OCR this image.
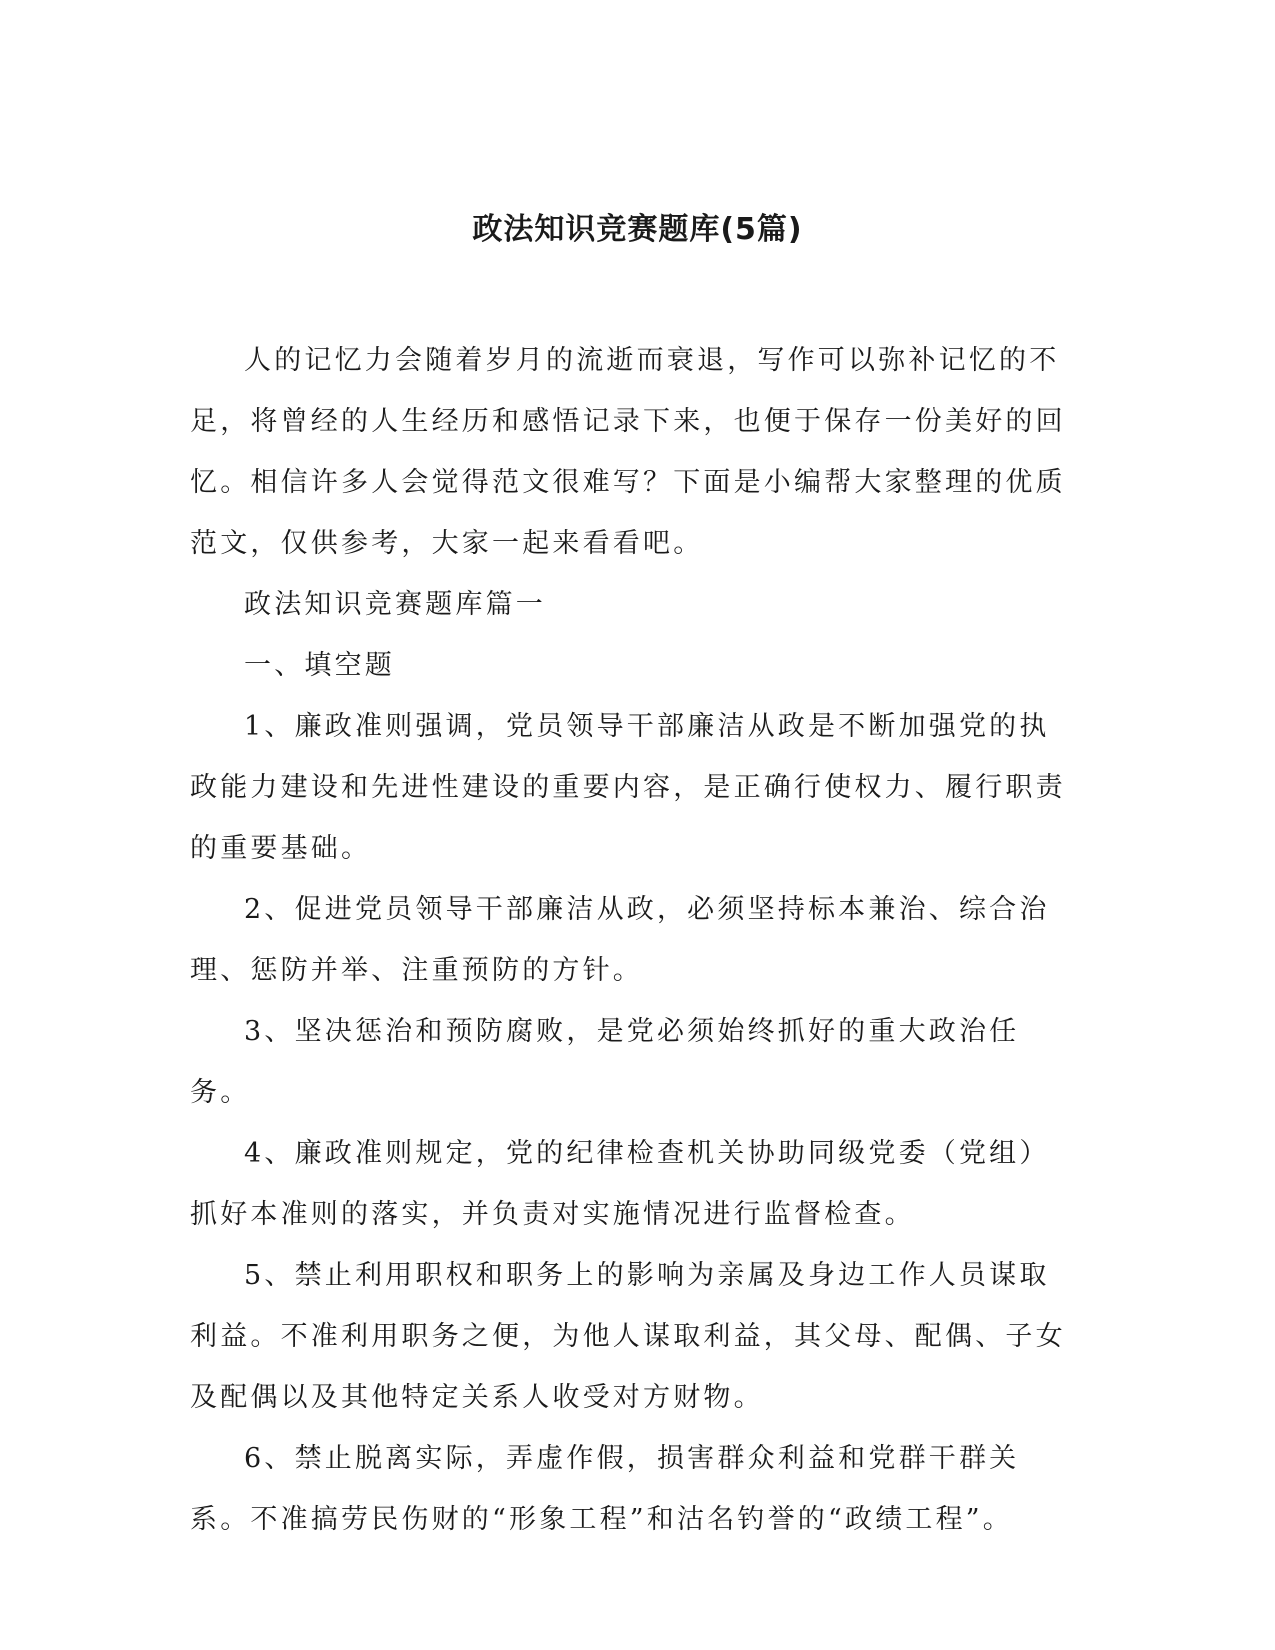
政法知识竞赛题库(5篇)

人的记忆力会随着岁月的流逝而衰退，写作可以弥补记忆的不足，将曾经的人生经历和感悟记录下来，也便于保存一份美好的回忆。相信许多人会觉得范文很难写？下面是小编帮大家整理的优质范文，仅供参考，大家一起来看看吧。

政法知识竞赛题库篇一

一、填空题

1、廉政准则强调，党员领导干部廉洁从政是不断加强党的执政能力建设和先进性建设的重要内容，是正确行使权力、履行职责的重要基础。

2、促进党员领导干部廉洁从政，必须坚持标本兼治、综合治理、惩防并举、注重预防的方针。

3、坚决惩治和预防腐败，是党必须始终抓好的重大政治任务。

4、廉政准则规定，党的纪律检查机关协助同级党委（党组）抓好本准则的落实，并负责对实施情况进行监督检查。

5、禁止利用职权和职务上的影响为亲属及身边工作人员谋取利益。不准利用职务之便，为他人谋取利益，其父母、配偶、子女及配偶以及其他特定关系人收受对方财物。

6、禁止脱离实际，弄虚作假，损害群众利益和党群干群关系。不准搞劳民伤财的“形象工程”和沽名钓誉的“政绩工程”。
